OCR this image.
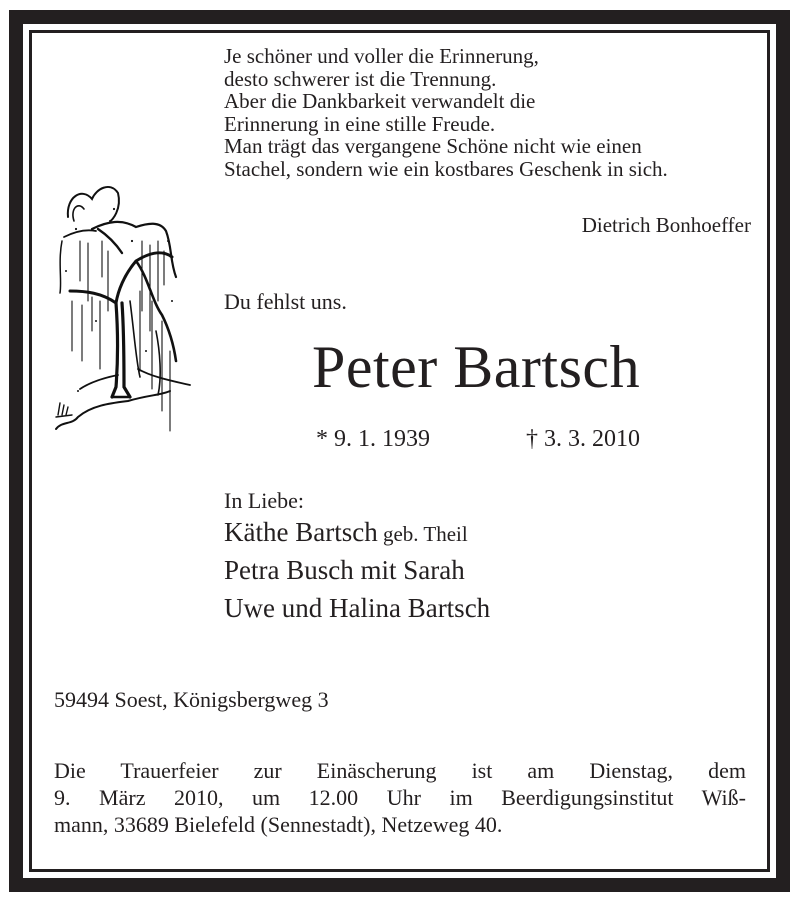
Je schöner und voller die Erinnerung,
desto schwerer ist die Trennung.
Aber die Dankbarkeit verwandelt die
Erinnerung in eine stille Freude.
Man trägt das vergangene Schöne nicht wie einen
Stachel, sondern wie ein kostbares Geschenk in sich.
Dietrich Bonhoeffer
Du fehlst uns.
Peter Bartsch
* 9. 1. 1939	† 3. 3. 2010
In Liebe:
Käthe Bartsch geb. Theil
Petra Busch mit Sarah
Uwe und Halina Bartsch
59494 Soest, Königsbergweg 3
Die Trauerfeier zur Einäscherung ist am Dienstag, dem
9. März 2010, um 12.00 Uhr im Beerdigungsinstitut Wiß-
mann, 33689 Bielefeld (Sennestadt), Netzeweg 40.
